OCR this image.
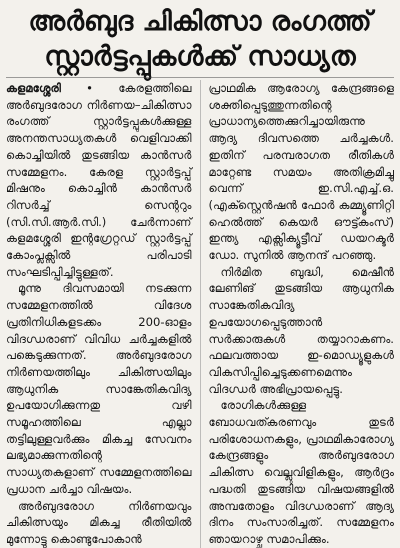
അർബുദ ചികിത്സാ രംഗത്ത്
സ്റ്റാർട്ടപ്പുകൾക്ക് സാധ്യത

കളമശ്ശേരി • കേരളത്തിലെ അർബുദരോഗ നിർണയ–ചികിത്സാ രംഗത്ത് സ്റ്റാർട്ടപ്പുകൾക്കുള്ള അനന്തസാധ്യതകൾ വെളിവാക്കി കൊച്ചിയിൽ തുടങ്ങിയ കാൻസർ സമ്മേളനം. കേരള സ്റ്റാർട്ടപ്പ് മിഷനും കൊച്ചിൻ കാൻസർ റിസർച്ച് സെന്ററും (സി.സി.ആർ.സി.) ചേർന്നാണ് കളമശ്ശേരി ഇന്റഗ്രേറ്റഡ് സ്റ്റാർട്ടപ്പ് കോംപ്ലക്സിൽ പരിപാടി സംഘടിപ്പിച്ചിട്ടുള്ളത്.

മൂന്നു ദിവസമായി നടക്കുന്ന സമ്മേളനത്തിൽ വിദേശ പ്രതിനിധികളടക്കം 200-ഓളം വിദഗ്ധരാണ് വിവിധ ചർച്ചകളിൽ പങ്കെടുക്കുന്നത്. അർബുദരോഗ നിർണയത്തിലും ചികിത്സയിലും ആധുനിക സാങ്കേതികവിദ്യ ഉപയോഗിക്കുന്നതു വഴി സമൂഹത്തിലെ എല്ലാ തട്ടിലുള്ളവർക്കും മികച്ച സേവനം ലഭ്യമാക്കുന്നതിന്റെ സാധ്യതകളാണ് സമ്മേളനത്തിലെ പ്രധാന ചർച്ചാ വിഷയം.

അർബുദരോഗ നിർണയവും ചികിത്സയും മികച്ച രീതിയിൽ മുന്നോട്ടു കൊണ്ടുപോകാൻ

പ്രാഥമിക ആരോഗ്യ കേന്ദ്രങ്ങളെ ശക്തിപ്പെടുത്തുന്നതിന്റെ പ്രാധാന്യത്തെക്കുറിച്ചായിരുന്നു ആദ്യ ദിവസത്തെ ചർച്ചകൾ. ഇതിന് പരമ്പരാഗത രീതികൾ മാറ്റേണ്ട സമയം അതിക്രമിച്ചു വെന്ന് ഇ.സി.എച്ച്.ഒ. (എക്സ്റ്റെൻഷൻ ഫോർ കമ്മ്യൂണിറ്റി ഹെൽത്ത് കെയർ ഔട്ട്കംസ്) ഇന്ത്യ എക്സിക്യൂട്ടീവ് ഡയറക്ടർ ഡോ. സുനിൽ ആനന്ദ് പറഞ്ഞു.

നിർമിത ബുദ്ധി, മെഷീൻ ലേണിങ് തുടങ്ങിയ ആധുനിക സാങ്കേതികവിദ്യ ഉപയോഗപ്പെടുത്താൻ സർക്കാരുകൾ തയ്യാറാകണം. ഫലവത്തായ ഇ-മൊഡ്യൂളുകൾ വികസിപ്പിച്ചെടുക്കണമെന്നും വിദഗ്ധർ അഭിപ്രായപ്പെട്ടു.

രോഗികൾക്കുള്ള ബോധവത്കരണവും തുടർ പരിശോധനകളും, പ്രാഥമികാരോഗ്യ കേന്ദ്രങ്ങളും അർബുദരോഗ ചികിത്സ വെല്ലുവിളികളും, ആർദ്രം പദ്ധതി തുടങ്ങിയ വിഷയങ്ങളിൽ അമ്പതോളം വിദഗ്ധരാണ് ആദ്യ ദിനം സംസാരിച്ചത്. സമ്മേളനം ഞായറാഴ്ച സമാപിക്കും.
